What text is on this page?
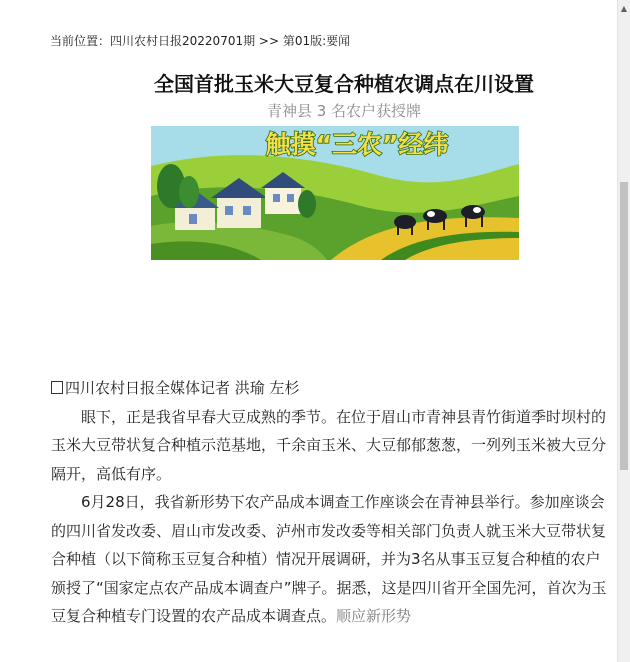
当前位置：四川农村日报20220701期 >> 第01版:要闻
全国首批玉米大豆复合种植农调点在川设置
青神县 3 名农户获授牌
触摸“三农”经纬

四川农村日报全媒体记者 洪瑜 左杉

眼下，正是我省早春大豆成熟的季节。在位于眉山市青神县青竹街道季时坝村的玉米大豆带状复合种植示范基地，千余亩玉米、大豆郁郁葱葱，一列列玉米被大豆分隔开，高低有序。

6月28日，我省新形势下农产品成本调查工作座谈会在青神县举行。参加座谈会的四川省发改委、眉山市发改委、泸州市发改委等相关部门负责人就玉米大豆带状复合种植（以下简称玉豆复合种植）情况开展调研，并为3名从事玉豆复合种植的农户颁授了“国家定点农产品成本调查户”牌子。据悉，这是四川省开全国先河，首次为玉豆复合种植专门设置的农产品成本调查点。顺应新形势

▲
